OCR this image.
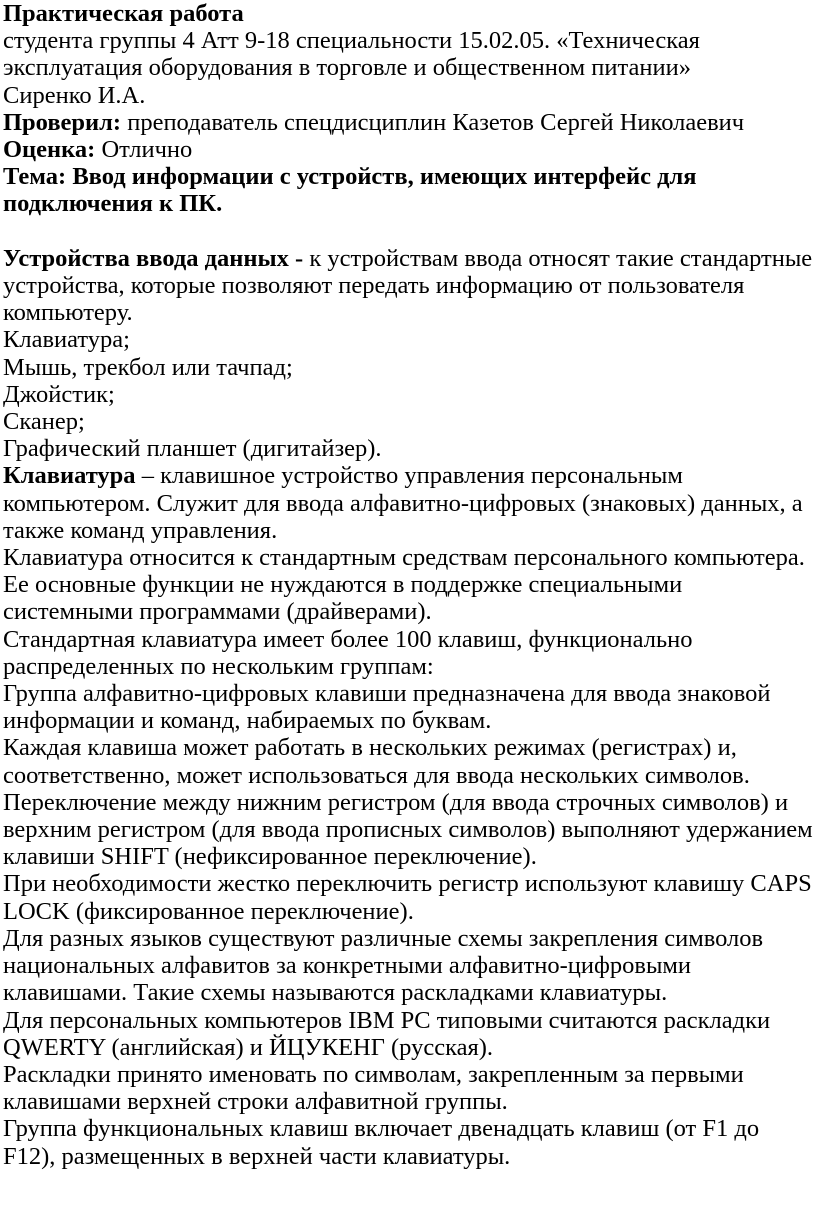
Практическая работа

студента группы 4 Атт 9-18 специальности 15.02.05. «Техническая эксплуатация оборудования в торговле и общественном питании»

Сиренко И.А.

Проверил: преподаватель спецдисциплин Казетов Сергей Николаевич

Оценка: Отлично

Тема: Ввод информации с устройств, имеющих интерфейс для подключения к ПК.

Устройства ввода данных - к устройствам ввода относят такие стандартные устройства, которые позволяют передать информацию от пользователя компьютеру.

Клавиатура;

Мышь, трекбол или тачпад;

Джойстик;

Сканер;

Графический планшет (дигитайзер).

Клавиатура – клавишное устройство управления персональным компьютером. Служит для ввода алфавитно-цифровых (знаковых) данных, а также команд управления.

Клавиатура относится к стандартным средствам персонального компьютера. Ее основные функции не нуждаются в поддержке специальными системными программами (драйверами).

Стандартная клавиатура имеет более 100 клавиш, функционально распределенных по нескольким группам:

Группа алфавитно-цифровых клавиши предназначена для ввода знаковой информации и команд, набираемых по буквам.

Каждая клавиша может работать в нескольких режимах (регистрах) и, соответственно, может использоваться для ввода нескольких символов.

Переключение между нижним регистром (для ввода строчных символов) и верхним регистром (для ввода прописных символов) выполняют удержанием клавиши SHIFT (нефиксированное переключение).

При необходимости жестко переключить регистр используют клавишу CAPS LOCK (фиксированное переключение).

Для разных языков существуют различные схемы закрепления символов национальных алфавитов за конкретными алфавитно-цифровыми клавишами. Такие схемы называются раскладками клавиатуры.

Для персональных компьютеров IBM PC типовыми считаются раскладки QWERTY (английская) и ЙЦУКЕНГ (русская).

Раскладки принято именовать по символам, закрепленным за первыми клавишами верхней строки алфавитной группы.

Группа функциональных клавиш включает двенадцать клавиш (от F1 до F12), размещенных в верхней части клавиатуры.
